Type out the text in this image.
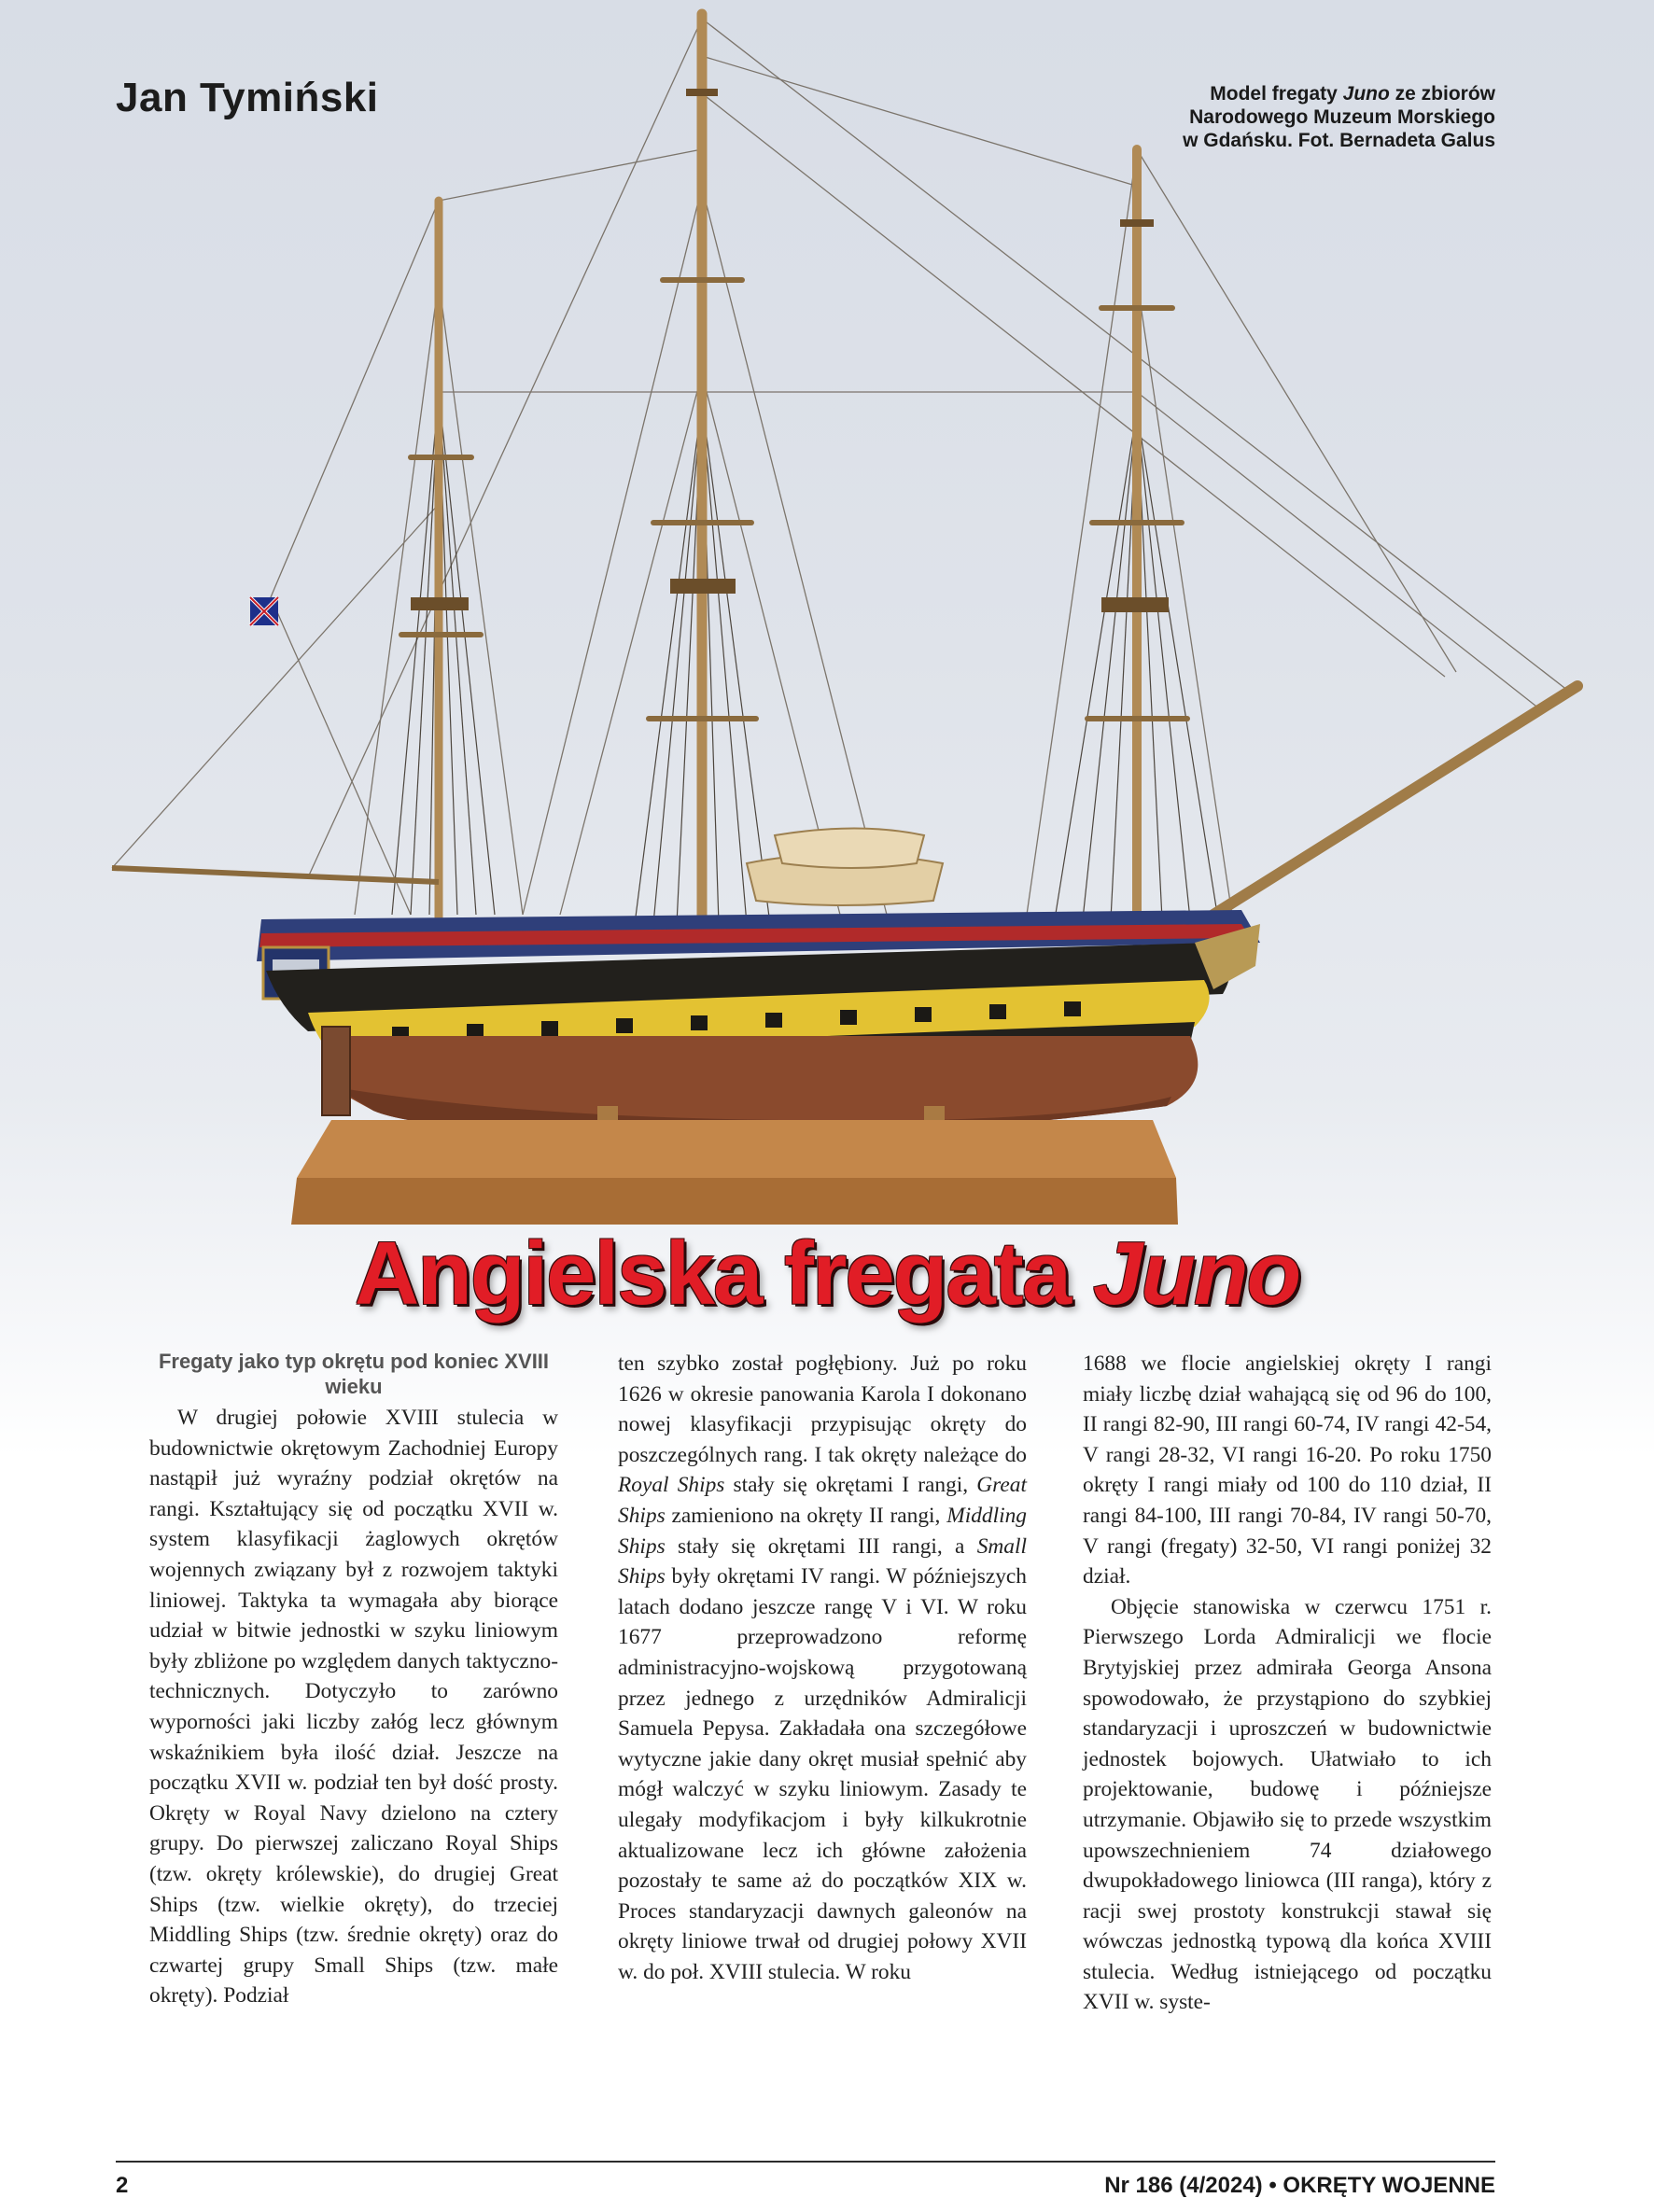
Jan Tymiński	Model fregaty Juno ze zbiorów
Narodowego Muzeum Morskiego
w Gdańsku. Fot. Bernadeta Galus
Angielska fregata Juno
Fregaty jako typ okrętu pod koniec XVIII wieku

W drugiej połowie XVIII stulecia w budownictwie okrętowym Zachodniej Europy nastąpił już wyraźny podział okrętów na rangi. Kształtujący się od początku XVII w. system klasyfikacji żaglowych okrętów wojennych związany był z rozwojem taktyki liniowej. Taktyka ta wymagała aby biorące udział w bitwie jednostki w szyku liniowym były zbliżone po względem danych taktyczno-technicznych. Dotyczyło to zarówno wyporności jaki liczby załóg lecz głównym wskaźnikiem była ilość dział. Jeszcze na początku XVII w. podział ten był dość prosty. Okręty w Royal Navy dzielono na cztery grupy. Do pierwszej zaliczano Royal Ships (tzw. okręty królewskie), do drugiej Great Ships (tzw. wielkie okręty), do trzeciej Middling Ships (tzw. średnie okręty) oraz do czwartej grupy Small Ships (tzw. małe okręty). Podział

ten szybko został pogłębiony. Już po roku 1626 w okresie panowania Karola I dokonano nowej klasyfikacji przypisując okręty do poszczególnych rang. I tak okręty należące do Royal Ships stały się okrętami I rangi, Great Ships zamieniono na okręty II rangi, Middling Ships stały się okrętami III rangi, a Small Ships były okrętami IV rangi. W późniejszych latach dodano jeszcze rangę V i VI. W roku 1677 przeprowadzono reformę administracyjno-wojskową przygotowaną przez jednego z urzędników Admiralicji Samuela Pepysa. Zakładała ona szczegółowe wytyczne jakie dany okręt musiał spełnić aby mógł walczyć w szyku liniowym. Zasady te ulegały modyfikacjom i były kilkukrotnie aktualizowane lecz ich główne założenia pozostały te same aż do początków XIX w. Proces standaryzacji dawnych galeonów na okręty liniowe trwał od drugiej połowy XVII w. do poł. XVIII stulecia. W roku

1688 we flocie angielskiej okręty I rangi miały liczbę dział wahającą się od 96 do 100, II rangi 82-90, III rangi 60-74, IV rangi 42-54, V rangi 28-32, VI rangi 16-20. Po roku 1750 okręty I rangi miały od 100 do 110 dział, II rangi 84-100, III rangi 70-84, IV rangi 50-70, V rangi (fregaty) 32-50, VI rangi poniżej 32 dział.

Objęcie stanowiska w czerwcu 1751 r. Pierwszego Lorda Admiralicji we flocie Brytyjskiej przez admirała Georga Ansona spowodowało, że przystąpiono do szybkiej standaryzacji i uproszczeń w budownictwie jednostek bojowych. Ułatwiało to ich projektowanie, budowę i późniejsze utrzymanie. Objawiło się to przede wszystkim upowszechnieniem 74 działowego dwupokładowego liniowca (III ranga), który z racji swej prostoty konstrukcji stawał się wówczas jednostką typową dla końca XVIII stulecia. Według istniejącego od początku XVII w. syste-

2	Nr 186 (4/2024) • OKRĘTY WOJENNE
